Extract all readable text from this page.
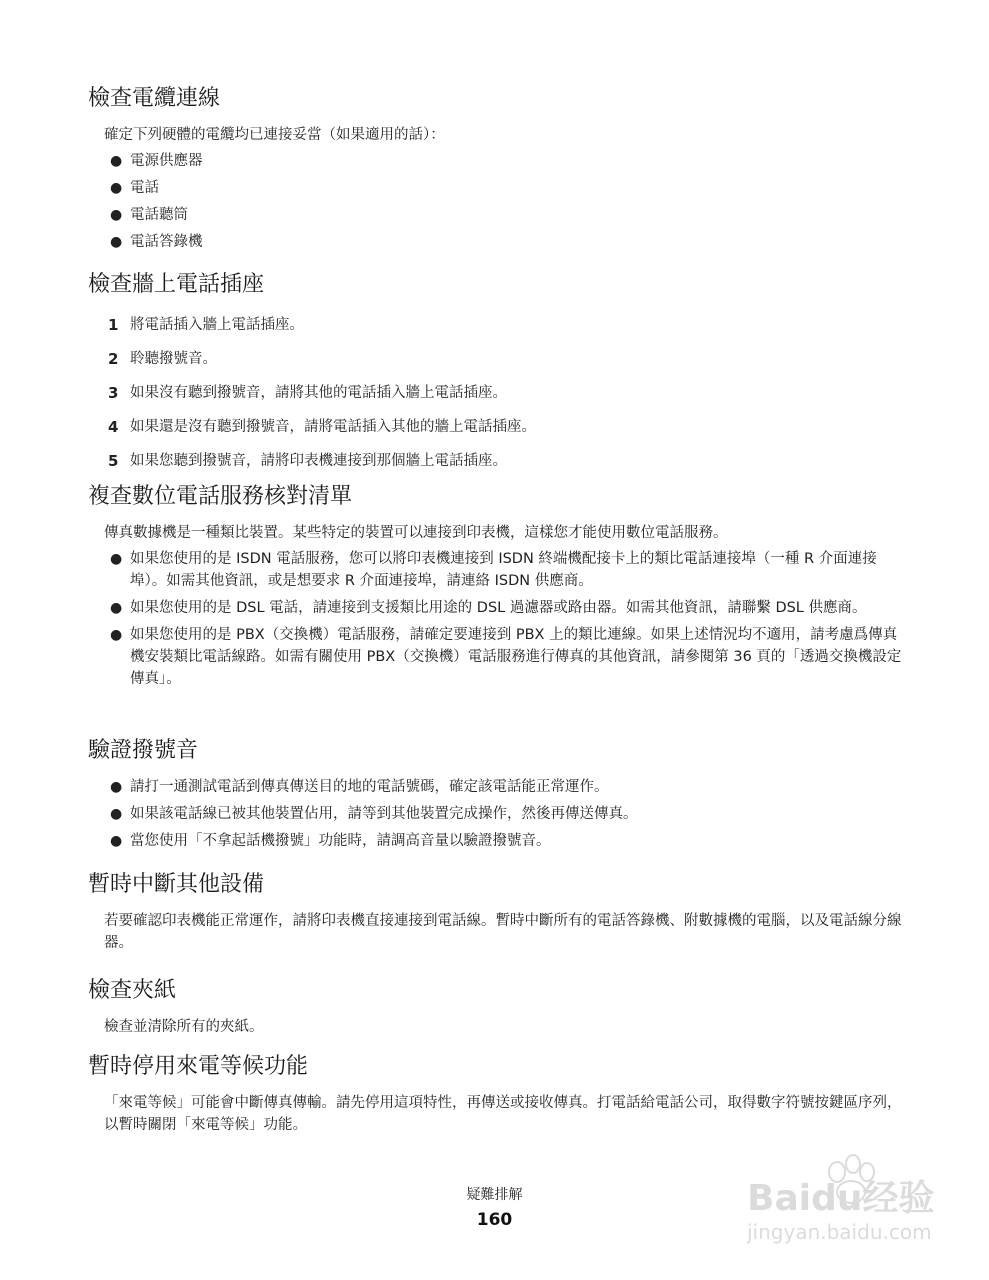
檢查電纜連線

確定下列硬體的電纜均已連接妥當（如果適用的話）：

● 電源供應器
● 電話
● 電話聽筒
● 電話答錄機
檢查牆上電話插座
1 將電話插入牆上電話插座。
2 聆聽撥號音。
3 如果沒有聽到撥號音，請將其他的電話插入牆上電話插座。
4 如果還是沒有聽到撥號音，請將電話插入其他的牆上電話插座。
5 如果您聽到撥號音，請將印表機連接到那個牆上電話插座。
複查數位電話服務核對清單

傳真數據機是一種類比裝置。某些特定的裝置可以連接到印表機，這樣您才能使用數位電話服務。

● 如果您使用的是 ISDN 電話服務，您可以將印表機連接到 ISDN 終端機配接卡上的類比電話連接埠（一種 R 介面連接埠）。如需其他資訊，或是想要求 R 介面連接埠，請連絡 ISDN 供應商。
● 如果您使用的是 DSL 電話，請連接到支援類比用途的 DSL 過濾器或路由器。如需其他資訊，請聯繫 DSL 供應商。
● 如果您使用的是 PBX（交換機）電話服務，請確定要連接到 PBX 上的類比連線。如果上述情況均不適用，請考慮爲傳真機安裝類比電話線路。如需有關使用 PBX（交換機）電話服務進行傳真的其他資訊，請參閱第 36 頁的「透過交換機設定傳真」。
驗證撥號音
● 請打一通測試電話到傳真傳送目的地的電話號碼，確定該電話能正常運作。
● 如果該電話線已被其他裝置佔用，請等到其他裝置完成操作，然後再傳送傳真。
● 當您使用「不拿起話機撥號」功能時，請調高音量以驗證撥號音。
暫時中斷其他設備

若要確認印表機能正常運作，請將印表機直接連接到電話線。暫時中斷所有的電話答錄機、附數據機的電腦，以及電話線分線器。

檢查夾紙

檢查並清除所有的夾紙。

暫時停用來電等候功能

「來電等候」可能會中斷傳真傳輸。請先停用這項特性，再傳送或接收傳真。打電話給電話公司，取得數字符號按鍵區序列，以暫時關閉「來電等候」功能。

疑難排解
160
Baidu经验
jingyan.baidu.com
